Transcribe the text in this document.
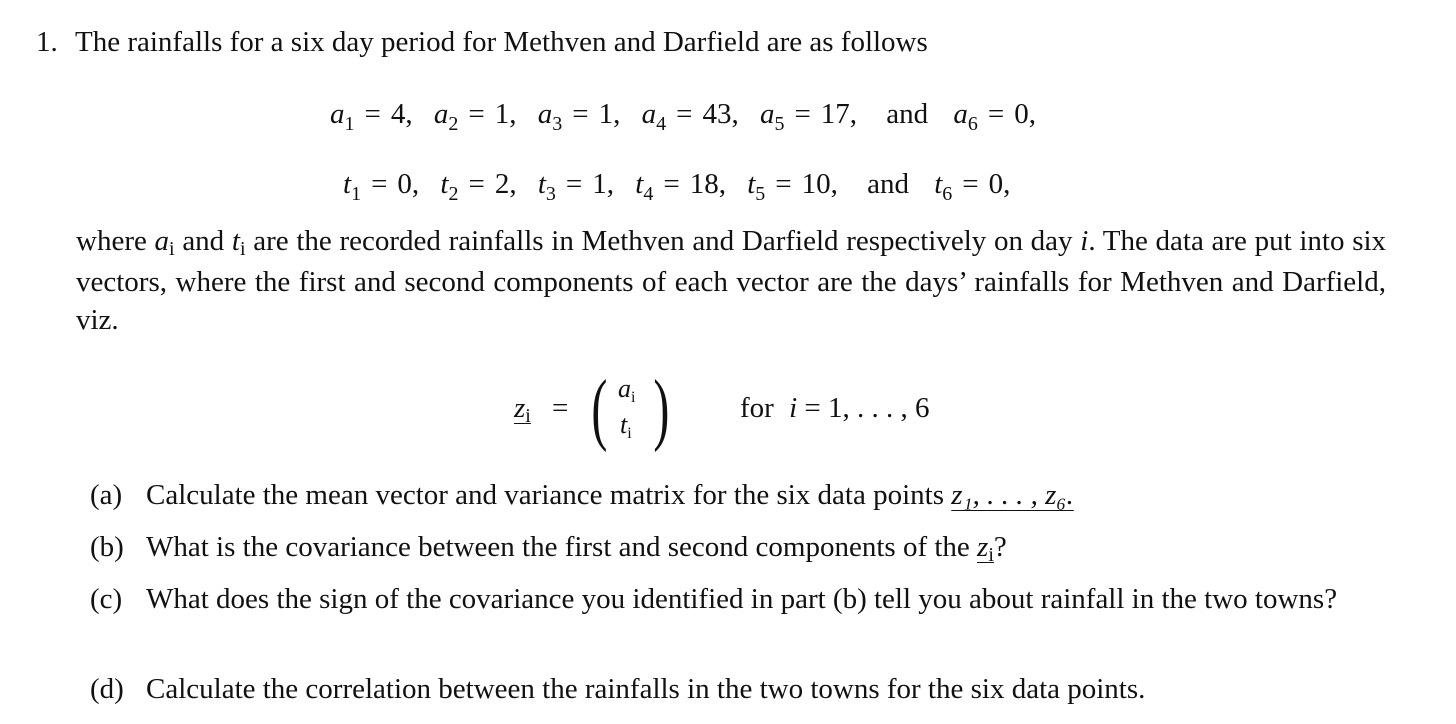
1. The rainfalls for a six day period for Methven and Darfield are as follows
$a_1 = 4$, $a_2 = 1$, $a_3 = 1$, $a_4 = 43$, $a_5 = 17$, and $a_6 = 0$,
$t_1 = 0$, $t_2 = 2$, $t_3 = 1$, $t_4 = 18$, $t_5 = 10$, and $t_6 = 0$,
where ai and ti are the recorded rainfalls in Methven and Darfield respectively on day i. The data are put into six vectors, where the first and second components of each vector are the days’ rainfalls for Methven and Darfield, viz.
zi = ( ai
ti ) for i = 1, . . . , 6
(a) Calculate the mean vector and variance matrix for the six data points z₁, . . . , z₆.
(b) What is the covariance between the first and second components of the zi?
(c) What does the sign of the covariance you identified in part (b) tell you about rainfall in the two towns?
(d) Calculate the correlation between the rainfalls in the two towns for the six data points.
